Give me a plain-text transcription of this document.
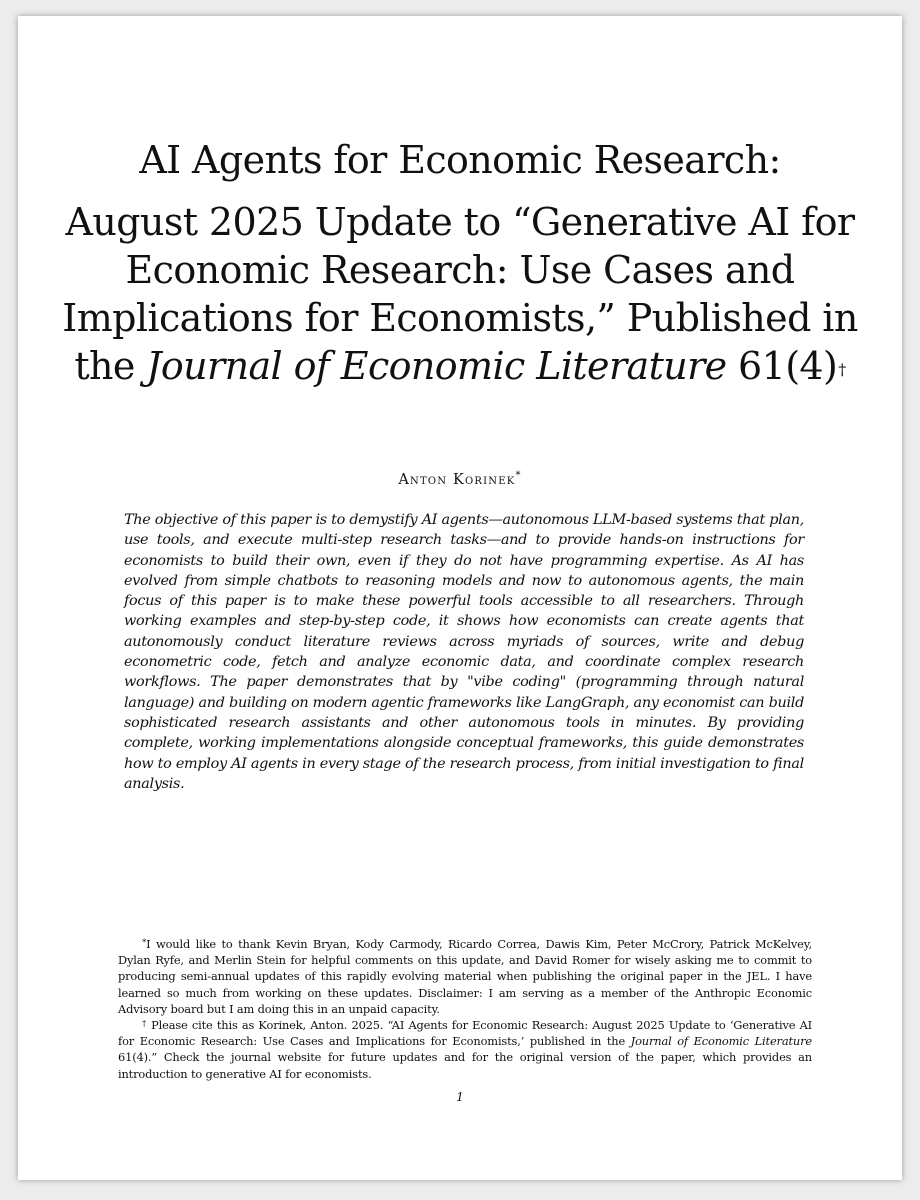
AI Agents for Economic Research:
August 2025 Update to “Generative AI for Economic Research: Use Cases and Implications for Economists,” Published in the Journal of Economic Literature 61(4)†
Anton Korinek*
The objective of this paper is to demystify AI agents—autonomous LLM-based systems that plan, use tools, and execute multi-step research tasks—and to provide hands-on instructions for economists to build their own, even if they do not have programming expertise. As AI has evolved from simple chatbots to reasoning models and now to autonomous agents, the main focus of this paper is to make these powerful tools accessible to all researchers. Through working examples and step-by-step code, it shows how economists can create agents that autonomously conduct literature reviews across myriads of sources, write and debug econometric code, fetch and analyze economic data, and coordinate complex research workflows. The paper demonstrates that by "vibe coding" (programming through natural language) and building on modern agentic frameworks like LangGraph, any economist can build sophisticated research assistants and other autonomous tools in minutes. By providing complete, working implementations alongside conceptual frameworks, this guide demonstrates how to employ AI agents in every stage of the research process, from initial investigation to final analysis.

*I would like to thank Kevin Bryan, Kody Carmody, Ricardo Correa, Dawis Kim, Peter McCrory, Patrick McKelvey, Dylan Ryfe, and Merlin Stein for helpful comments on this update, and David Romer for wisely asking me to commit to producing semi-annual updates of this rapidly evolving material when publishing the original paper in the JEL. I have learned so much from working on these updates. Disclaimer: I am serving as a member of the Anthropic Economic Advisory board but I am doing this in an unpaid capacity.

† Please cite this as Korinek, Anton. 2025. “AI Agents for Economic Research: August 2025 Update to ‘Generative AI for Economic Research: Use Cases and Implications for Economists,’ published in the Journal of Economic Literature 61(4).” Check the journal website for future updates and for the original version of the paper, which provides an introduction to generative AI for economists.

1
